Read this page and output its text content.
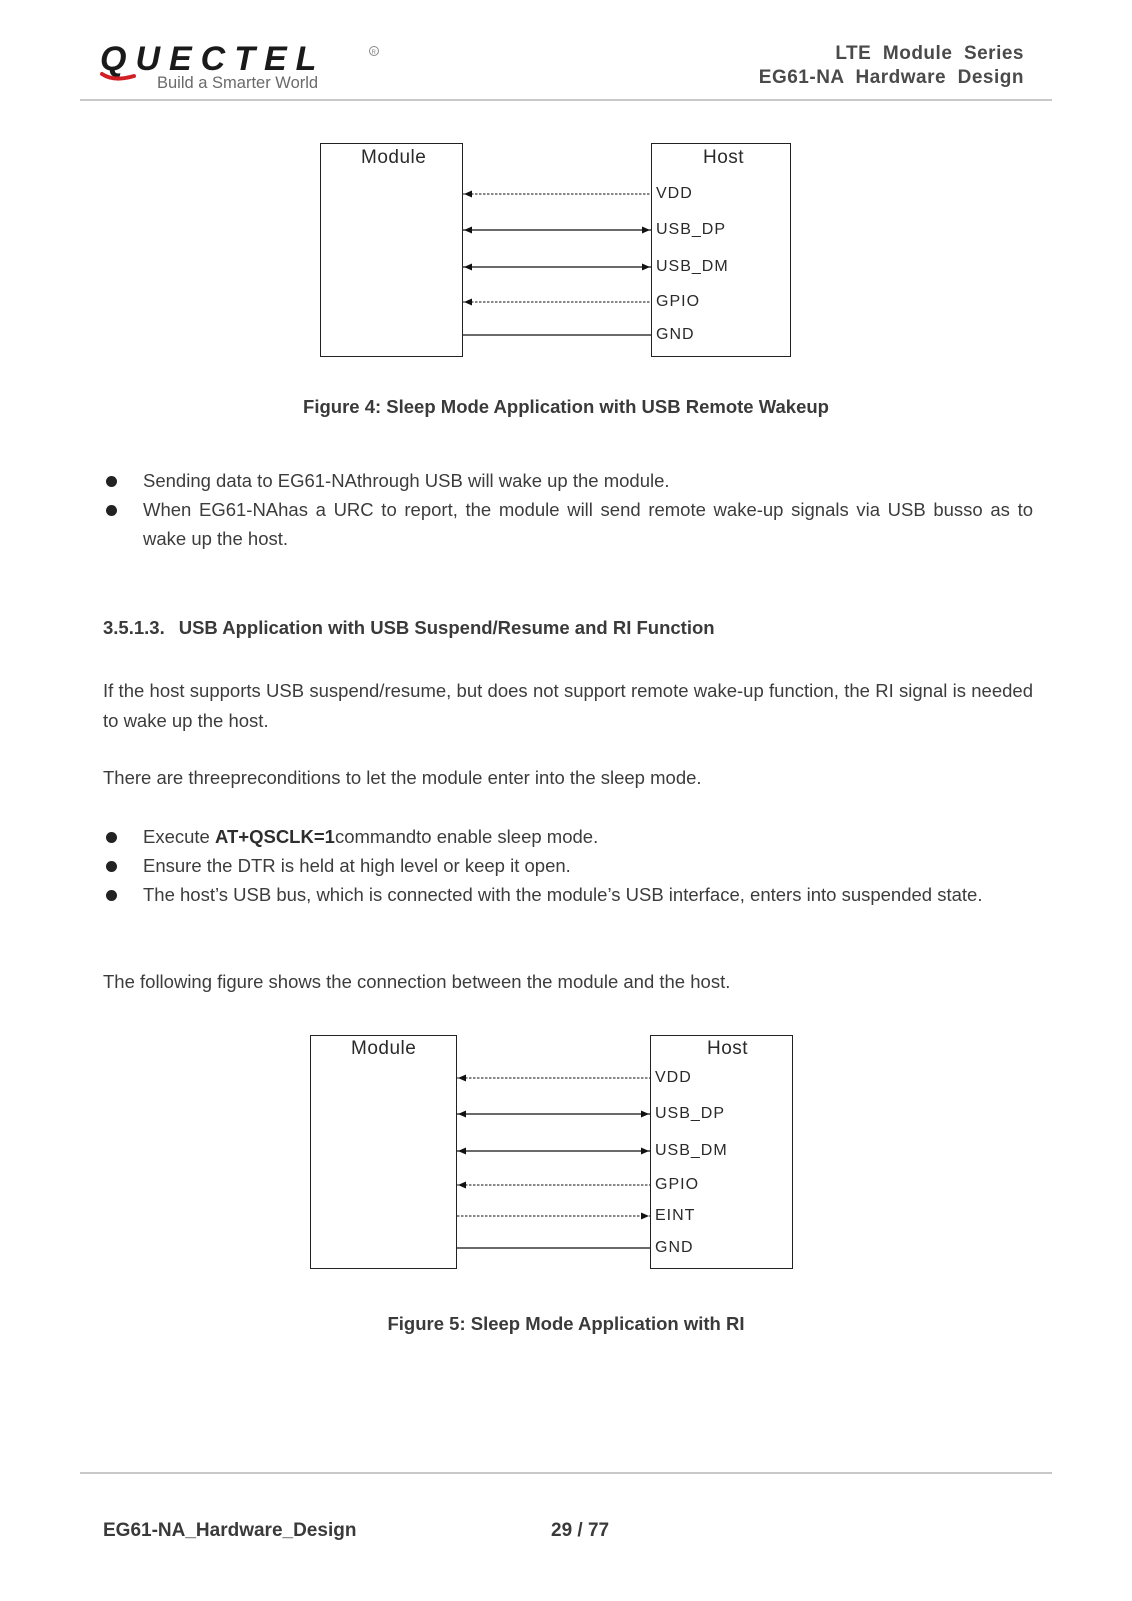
QUECTEL	R
Build a Smarter World
LTE  Module  Series
EG61-NA  Hardware  Design
Module	Host
VDD
USB_DP
USB_DM
GPIO
GND
Figure 4: Sleep Mode Application with USB Remote Wakeup
Sending data to EG61-NAthrough USB will wake up the module.
When EG61-NAhas a URC to report, the module will send remote wake-up signals via USB busso as to wake up the host.
3.5.1.3. USB Application with USB Suspend/Resume and RI Function
If the host supports USB suspend/resume, but does not support remote wake-up function, the RI signal is needed to wake up the host.
There are threepreconditions to let the module enter into the sleep mode.
Execute AT+QSCLK=1commandto enable sleep mode.
Ensure the DTR is held at high level or keep it open.
The host’s USB bus, which is connected with the module’s USB interface, enters into suspended state.
The following figure shows the connection between the module and the host.
Module	Host
VDD
USB_DP
USB_DM
GPIO
EINT
GND
Figure 5: Sleep Mode Application with RI
EG61-NA_Hardware_Design	29 / 77
